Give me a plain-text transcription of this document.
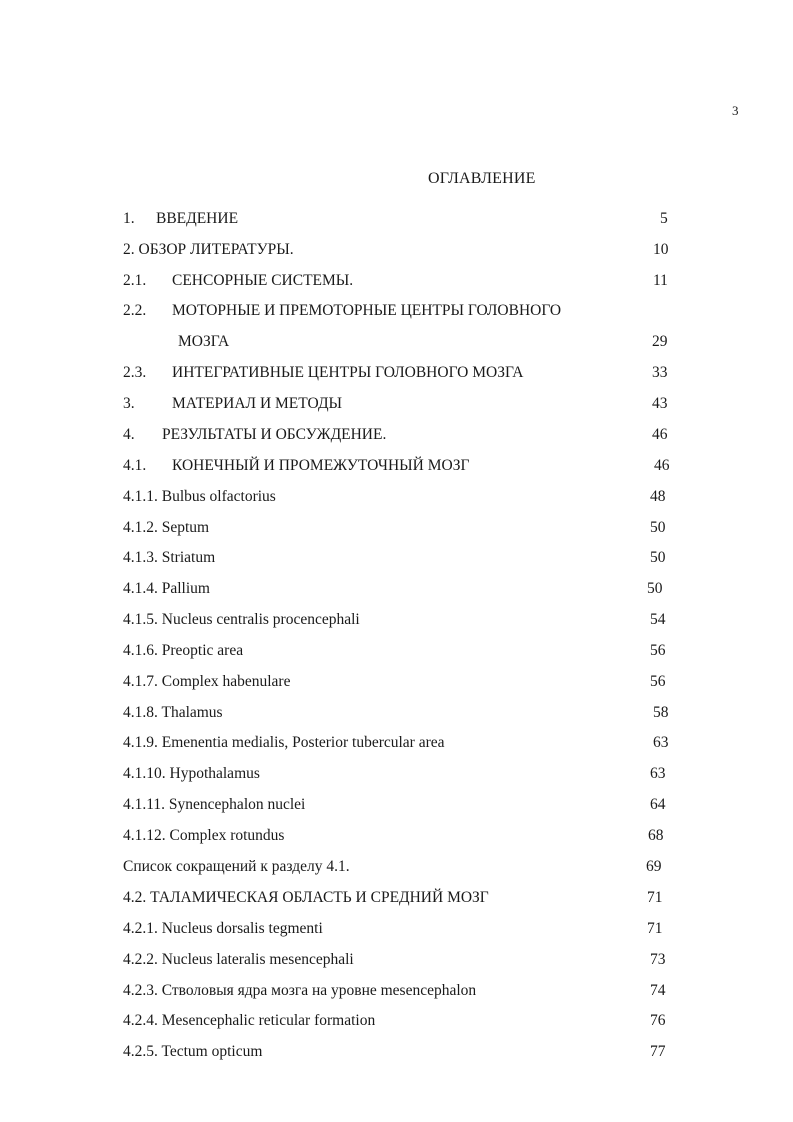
3
ОГЛАВЛЕНИЕ
1. ВВЕДЕНИЕ	5
2. ОБЗОР ЛИТЕРАТУРЫ.	10
2.1. СЕНСОРНЫЕ СИСТЕМЫ.	11
2.2. МОТОРНЫЕ И ПРЕМОТОРНЫЕ ЦЕНТРЫ ГОЛОВНОГО
МОЗГА	29
2.3. ИНТЕГРАТИВНЫЕ ЦЕНТРЫ ГОЛОВНОГО МОЗГА	33
3. МАТЕРИАЛ И МЕТОДЫ	43
4. РЕЗУЛЬТАТЫ И ОБСУЖДЕНИЕ.	46
4.1. КОНЕЧНЫЙ И ПРОМЕЖУТОЧНЫЙ МОЗГ	46
4.1.1. Bulbus olfactorius	48
4.1.2. Septum	50
4.1.3. Striatum	50
4.1.4. Pallium	50
4.1.5. Nucleus centralis procencephali	54
4.1.6. Preoptic area	56
4.1.7. Complex habenulare	56
4.1.8. Thalamus	58
4.1.9. Emenentia medialis, Posterior tubercular area	63
4.1.10. Hypothalamus	63
4.1.11. Synencephalon nuclei	64
4.1.12. Complex rotundus	68
Список сокращений к разделу 4.1.	69
4.2. ТАЛАМИЧЕСКАЯ ОБЛАСТЬ И СРЕДНИЙ МОЗГ	71
4.2.1. Nucleus dorsalis tegmenti	71
4.2.2. Nucleus lateralis mesencephali	73
4.2.3. Стволовыя ядра мозга на уровне mesencephalon	74
4.2.4. Mesencephalic reticular formation	76
4.2.5. Tectum opticum	77
